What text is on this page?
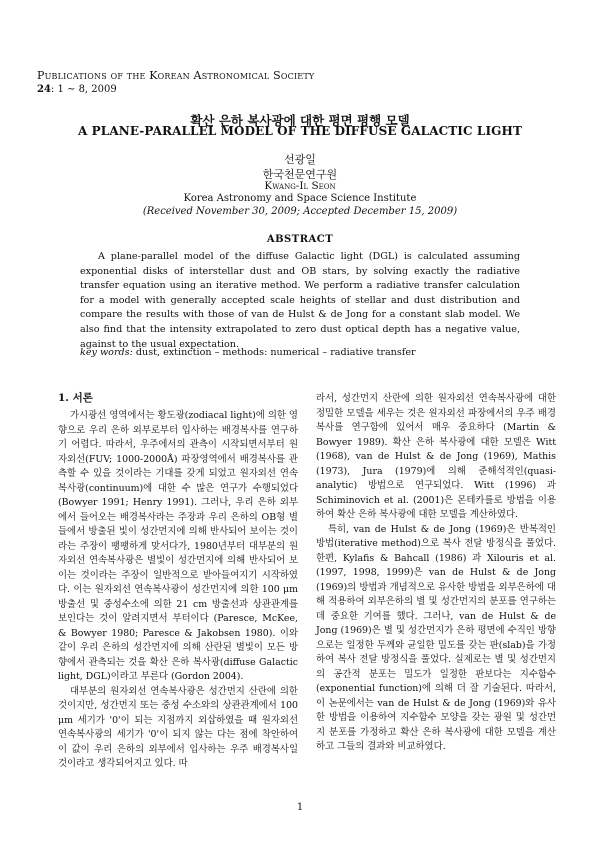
Publications of the Korean Astronomical Society
24: 1 ∼ 8, 2009
확산 은하 복사광에 대한 평면 평행 모델
A PLANE-PARALLEL MODEL OF THE DIFFUSE GALACTIC LIGHT
선광일
한국천문연구원
Kwang-Il Seon
Korea Astronomy and Space Science Institute
(Received November 30, 2009; Accepted December 15, 2009)
ABSTRACT
A plane-parallel model of the diffuse Galactic light (DGL) is calculated assuming exponential disks of interstellar dust and OB stars, by solving exactly the radiative transfer equation using an iterative method. We perform a radiative transfer calculation for a model with generally accepted scale heights of stellar and dust distribution and compare the results with those of van de Hulst & de Jong for a constant slab model. We also find that the intensity extrapolated to zero dust optical depth has a negative value, against to the usual expectation.
key words: dust, extinction – methods: numerical – radiative transfer
1. 서론

가시광선 영역에서는 황도광(zodiacal light)에 의한 영향으로 우리 은하 외부로부터 입사하는 배경복사를 연구하기 어렵다. 따라서, 우주에서의 관측이 시작되면서부터 원자외선(FUV; 1000-2000Å) 파장영역에서 배경복사를 관측할 수 있을 것이라는 기대를 갖게 되었고 원자외선 연속복사광(continuum)에 대한 수 많은 연구가 수행되었다 (Bowyer 1991; Henry 1991). 그러나, 우리 은하 외부에서 들어오는 배경복사라는 주장과 우리 은하의 OB형 별들에서 방출된 빛이 성간먼지에 의해 반사되어 보이는 것이라는 주장이 팽팽하게 맞서다가, 1980년부터 대부분의 원자외선 연속복사광은 별빛이 성간먼지에 의해 반사되어 보이는 것이라는 주장이 일반적으로 받아들여지기 시작하였다. 이는 원자외선 연속복사광이 성간먼지에 의한 100 μm 방출선 및 중성수소에 의한 21 cm 방출선과 상관관계를 보인다는 것이 알려지면서 부터이다 (Paresce, McKee, & Bowyer 1980; Paresce & Jakobsen 1980). 이와 같이 우리 은하의 성간먼지에 의해 산란된 별빛이 모든 방향에서 관측되는 것을 확산 은하 복사광(diffuse Galactic light, DGL)이라고 부른다 (Gordon 2004).

대부분의 원자외선 연속복사광은 성간먼지 산란에 의한 것이지만, 성간먼지 또는 중성 수소와의 상관관계에서 100 μm 세기가 '0'이 되는 지점까지 외삽하였을 때 원자외선 연속복사광의 세기가 '0'이 되지 않는 다는 점에 착안하여 이 값이 우리 은하의 외부에서 입사하는 우주 배경복사일 것이라고 생각되어지고 있다. 따

라서, 성간먼지 산란에 의한 원자외선 연속복사광에 대한 정밀한 모델을 세우는 것은 원자외선 파장에서의 우주 배경복사를 연구함에 있어서 매우 중요하다 (Martin & Bowyer 1989). 확산 은하 복사광에 대한 모델은 Witt (1968), van de Hulst & de Jong (1969), Mathis (1973), Jura (1979)에 의해 준해석적인(quasi-analytic) 방법으로 연구되었다. Witt (1996) 과 Schiminovich et al. (2001)은 몬테카를로 방법을 이용하여 확산 은하 복사광에 대한 모델을 계산하였다.

특히, van de Hulst & de Jong (1969)은 반복적인 방법(iterative method)으로 복사 전달 방정식을 풀었다. 한편, Kylafis & Bahcall (1986) 과 Xilouris et al. (1997, 1998, 1999)은 van de Hulst & de Jong (1969)의 방법과 개념적으로 유사한 방법을 외부은하에 대해 적용하여 외부은하의 별 및 성간먼지의 분포를 연구하는 데 중요한 기여를 했다. 그러나, van de Hulst & de Jong (1969)은 별 및 성간먼지가 은하 평면에 수직인 방향으로는 일정한 두께와 균일한 밀도를 갖는 판(slab)을 가정하여 복사 전달 방정식을 풀었다. 실제로는 별 및 성간먼지의 공간적 분포는 밀도가 일정한 판보다는 지수함수(exponential function)에 의해 더 잘 기술된다. 따라서, 이 논문에서는 van de Hulst & de Jong (1969)와 유사한 방법을 이용하여 지수함수 모양을 갖는 광원 및 성간먼지 분포를 가정하고 확산 은하 복사광에 대한 모델을 계산하고 그들의 결과와 비교하였다.

1
